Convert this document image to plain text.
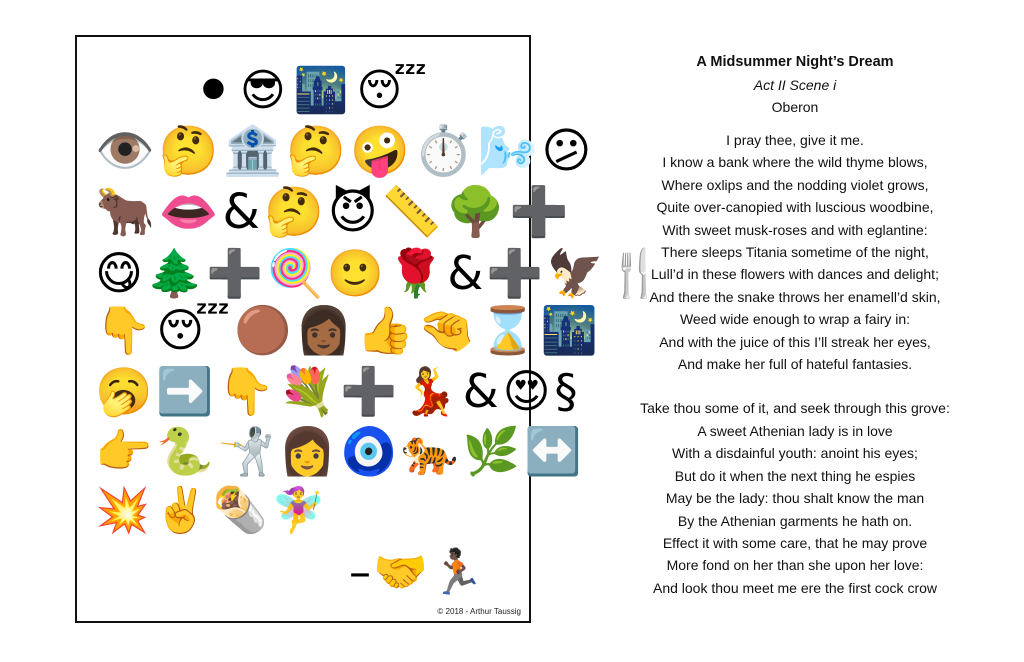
⚫ 😎 🌃 😴
👁️ 🤔 🏦 🤔 🤪 ⏱️ 🌬️ 😕
🐂 👄 & 🤔 😈 📏 🌳 ➕
😋 🌲 ➕ 🍭 🙂 🌹 & ➕ 🦅 🍴
👇 😴 🟤 👩🏾 👍 🤏 ⌛ 🌃
🥱 ➡️ 👇 💐 ➕ 💃 & 😍 §
👉 🐍 🤺 👩 🧿 🐅 🌿 ↔️
💥 ✌️ 🌯 🧚‍♀️
– 🤝 🏃🏿
© 2018 - Arthur Taussig
A Midsummer Night’s Dream
Act II Scene i
Oberon
I pray thee, give it me.
I know a bank where the wild thyme blows,
Where oxlips and the nodding violet grows,
Quite over-canopied with luscious woodbine,
With sweet musk-roses and with eglantine:
There sleeps Titania sometime of the night,
Lull’d in these flowers with dances and delight;
And there the snake throws her enamell’d skin,
Weed wide enough to wrap a fairy in:
And with the juice of this I’ll streak her eyes,
And make her full of hateful fantasies.
Take thou some of it, and seek through this grove:
A sweet Athenian lady is in love
With a disdainful youth: anoint his eyes;
But do it when the next thing he espies
May be the lady: thou shalt know the man
By the Athenian garments he hath on.
Effect it with some care, that he may prove
More fond on her than she upon her love:
And look thou meet me ere the first cock crow
